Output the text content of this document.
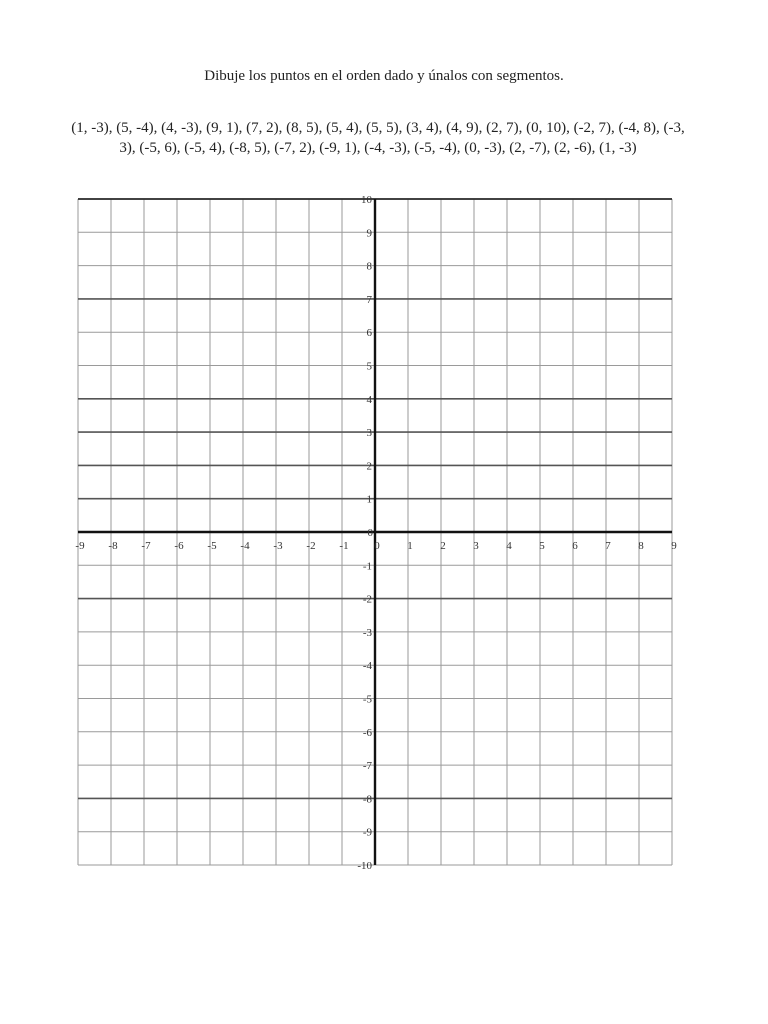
Dibuje los puntos en el orden dado y únalos con segmentos.
(1, -3), (5, -4), (4, -3), (9, 1), (7, 2), (8, 5), (5, 4), (5, 5), (3, 4), (4, 9), (2, 7), (0, 10), (-2, 7), (-4, 8), (-3, 3), (-5, 6), (-5, 4), (-8, 5), (-7, 2), (-9, 1), (-4, -3), (-5, -4), (0, -3), (2, -7), (2, -6), (1, -3)
-9 -8 -7 -6 -5 -4 -3 -2 -1 0	1	2	3	4	5	6	7	8	9
10
9
8
7
6
5
4
3
2
1
-1
-2
-3
-4
-5
-6
-7
-8
-9
-10
0
